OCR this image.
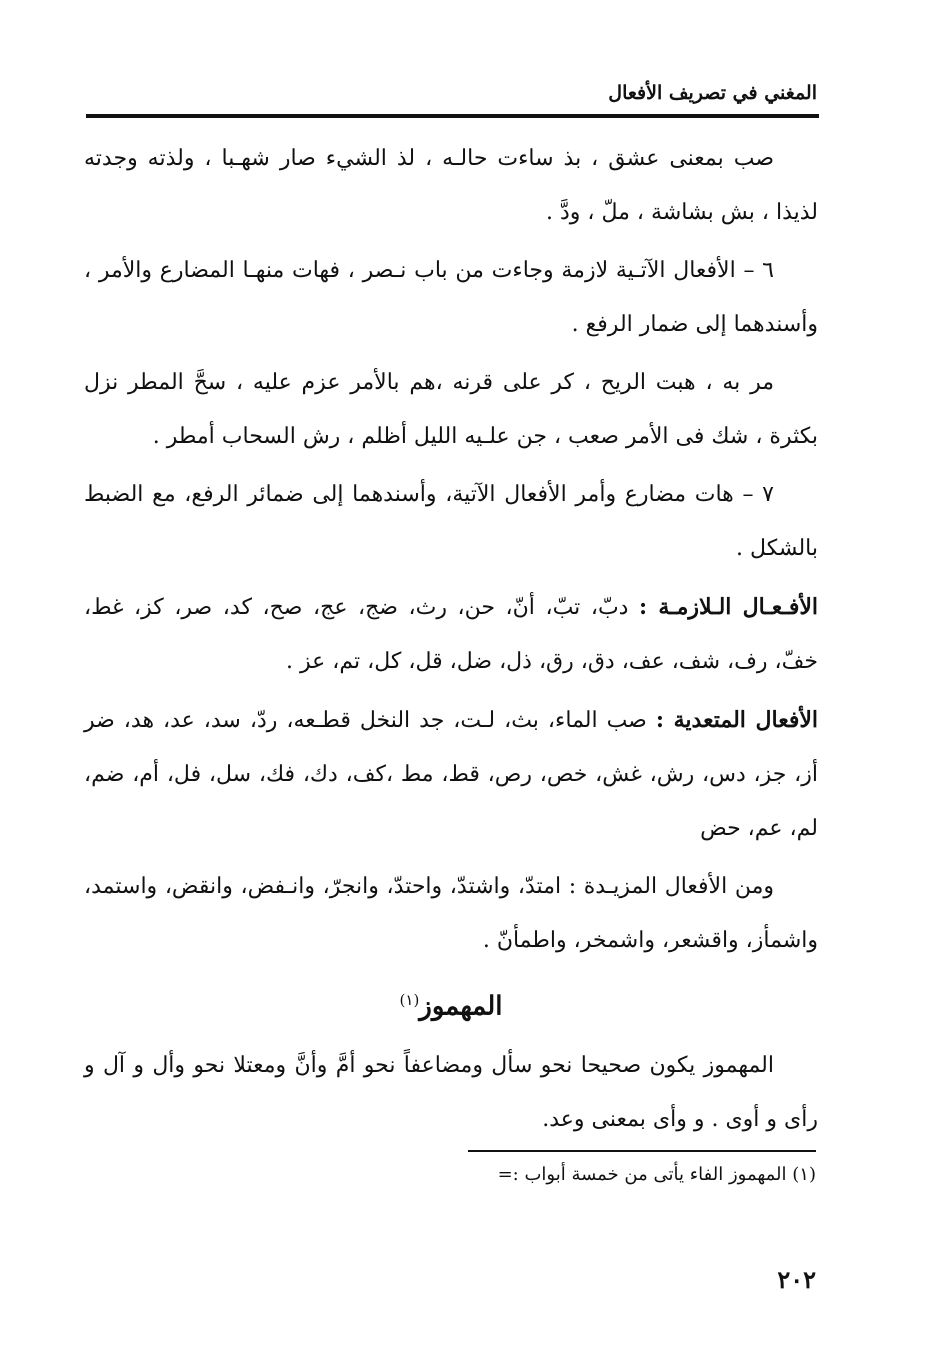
المغني في تصريف الأفعال

صب بمعنى عشق ، بذ ساءت حالـه ، لذ الشيء صار شهـبا ، ولذته وجدته لذيذا ، بش بشاشة ، ملّ ، ودَّ .

٦ – الأفعال الآتـية لازمة وجاءت من باب نـصر ، فهات منهـا المضارع والأمر ، وأسندهما إلى ضمار الرفع .

مر به ، هبت الريح ، كر على قرنه ،هم بالأمر عزم عليه ، سحَّ المطر نزل بكثرة ، شك فى الأمر صعب ، جن علـيه الليل أظلم ، رش السحاب أمطر .

٧ – هات مضارع وأمر الأفعال الآتية، وأسندهما إلى ضمائر الرفع، مع الضبط بالشكل .

الأفـعـال الـلازمـة : دبّ، تبّ، أنّ، حن، رث، ضج، عج، صح، كد، صر، كز، غط، خفّ، رف، شف، عف، دق، رق، ذل، ضل، قل، كل، تم، عز .

الأفعال المتعدية : صب الماء، بث، لـت، جد النخل قطـعه، ردّ، سد، عد، هد، ضر أز، جز، دس، رش، غش، خص، رص، قط، مط ،كف، دك، فك، سل، فل، أم، ضم، لم، عم، حض

ومن الأفعال المزيـدة : امتدّ، واشتدّ، واحتدّ، وانجرّ، وانـفض، وانقض، واستمد، واشمأز، واقشعر، واشمخر، واطمأنّ .

المهموز$^{(١)}$

المهموز يكون صحيحا نحو سأل ومضاعفاً نحو أمَّ وأنَّ ومعتلا نحو وأل و آل و رأى و أوى . و وأى بمعنى وعد.

(١) المهموز الفاء يأتى من خمسة أبواب :=
٢٠٢
